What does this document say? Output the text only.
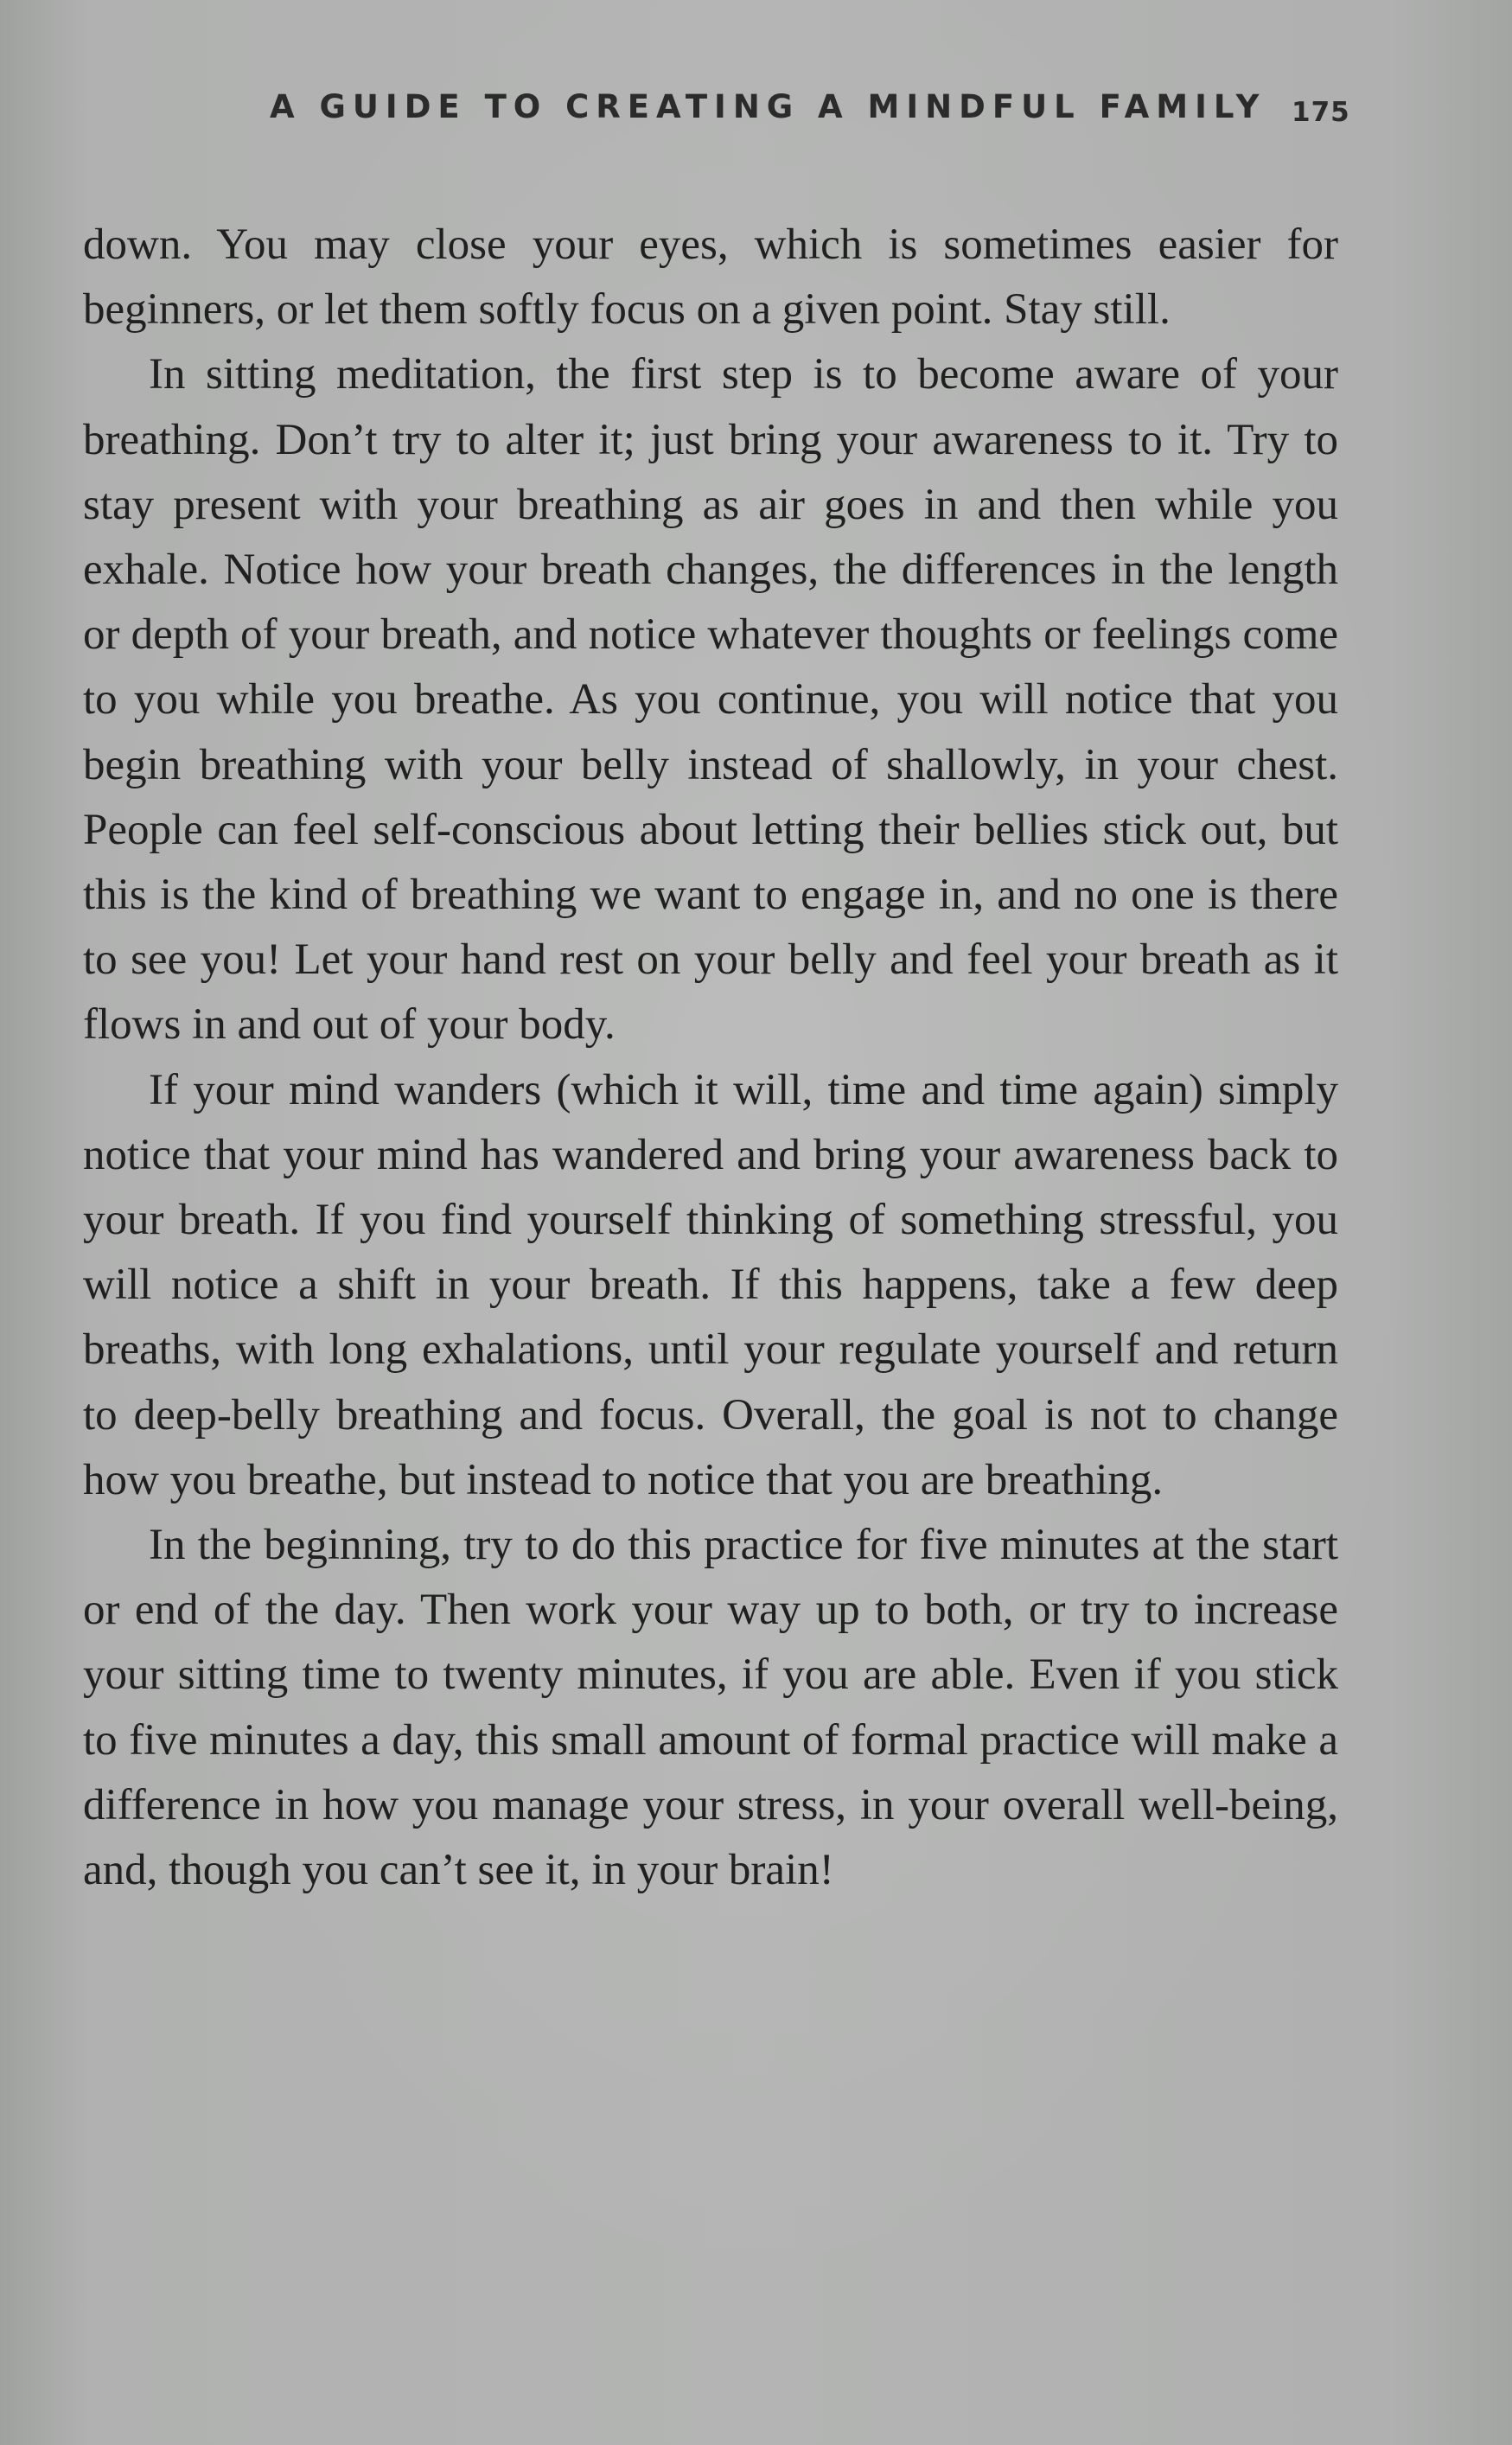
A GUIDE TO CREATING A MINDFUL FAMILY 175

down. You may close your eyes, which is sometimes easier for beginners, or let them softly focus on a given point. Stay still.

In sitting meditation, the first step is to become aware of your breathing. Don’t try to alter it; just bring your awareness to it. Try to stay present with your breathing as air goes in and then while you exhale. Notice how your breath changes, the differences in the length or depth of your breath, and notice whatever thoughts or feelings come to you while you breathe. As you continue, you will notice that you begin breathing with your belly instead of shallowly, in your chest. People can feel self-conscious about letting their bellies stick out, but this is the kind of breathing we want to engage in, and no one is there to see you! Let your hand rest on your belly and feel your breath as it flows in and out of your body.

If your mind wanders (which it will, time and time again) simply notice that your mind has wandered and bring your awareness back to your breath. If you find yourself thinking of something stressful, you will notice a shift in your breath. If this happens, take a few deep breaths, with long exhalations, until your regulate yourself and return to deep-belly breathing and focus. Overall, the goal is not to change how you breathe, but instead to notice that you are breathing.

In the beginning, try to do this practice for five minutes at the start or end of the day. Then work your way up to both, or try to increase your sitting time to twenty minutes, if you are able. Even if you stick to five minutes a day, this small amount of formal practice will make a difference in how you manage your stress, in your overall well-being, and, though you can’t see it, in your brain!
